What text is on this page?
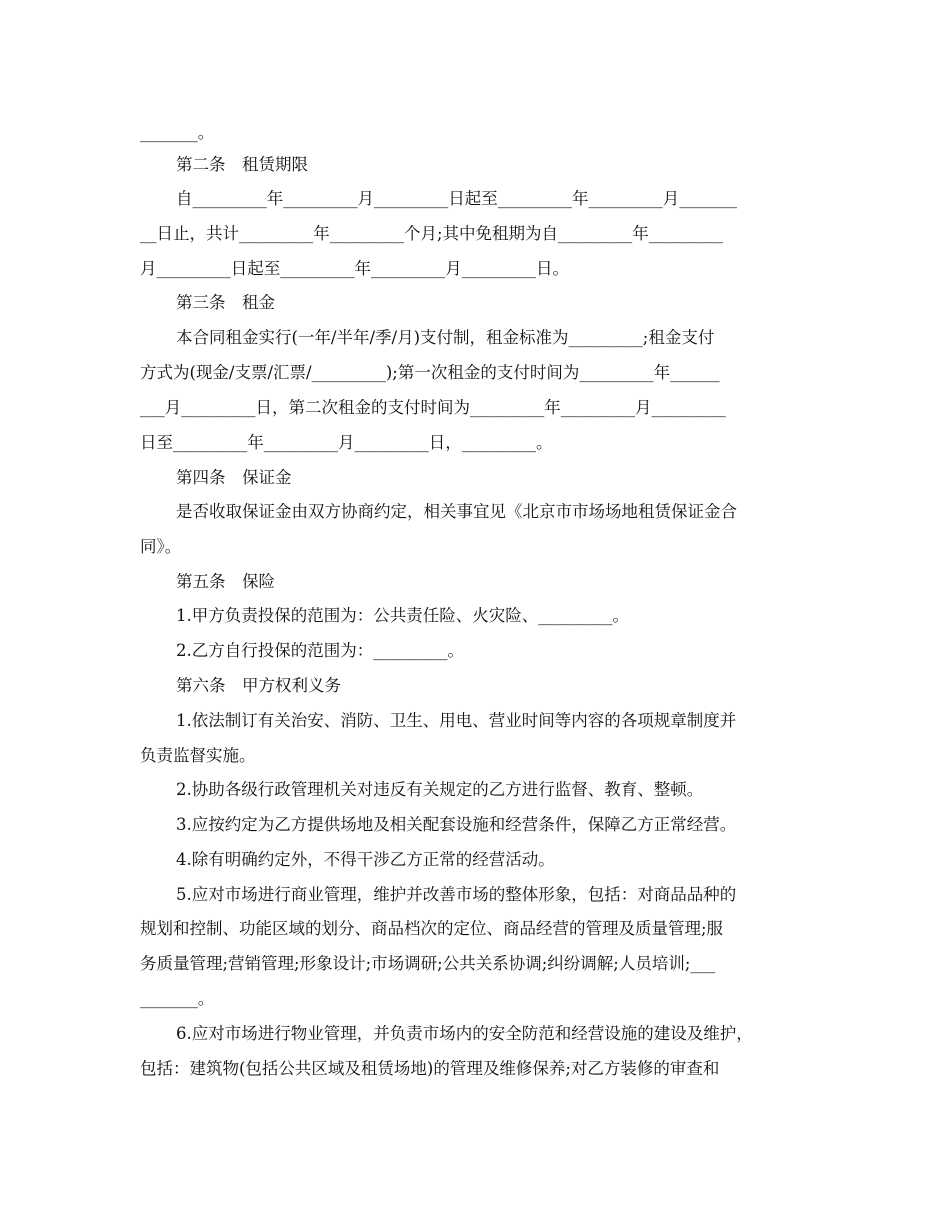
_______。
第二条　租赁期限
自_________年_________月_________日起至_________年_________月_______
__日止，共计_________年_________个月;其中免租期为自_________年_________
月_________日起至_________年_________月_________日。
第三条　租金
本合同租金实行(一年/半年/季/月)支付制，租金标准为_________;租金支付
方式为(现金/支票/汇票/_________);第一次租金的支付时间为_________年______
___月_________日，第二次租金的支付时间为_________年_________月_________
日至_________年_________月_________日，_________。
第四条　保证金
是否收取保证金由双方协商约定，相关事宜见《北京市市场场地租赁保证金合
同》。
第五条　保险
1.甲方负责投保的范围为：公共责任险、火灾险、_________。
2.乙方自行投保的范围为：_________。
第六条　甲方权利义务
1.依法制订有关治安、消防、卫生、用电、营业时间等内容的各项规章制度并
负责监督实施。
2.协助各级行政管理机关对违反有关规定的乙方进行监督、教育、整顿。
3.应按约定为乙方提供场地及相关配套设施和经营条件，保障乙方正常经营。
4.除有明确约定外，不得干涉乙方正常的经营活动。
5.应对市场进行商业管理，维护并改善市场的整体形象，包括：对商品品种的
规划和控制、功能区域的划分、商品档次的定位、商品经营的管理及质量管理;服
务质量管理;营销管理;形象设计;市场调研;公共关系协调;纠纷调解;人员培训;___
_______。
6.应对市场进行物业管理，并负责市场内的安全防范和经营设施的建设及维护，
包括：建筑物(包括公共区域及租赁场地)的管理及维修保养;对乙方装修的审查和
